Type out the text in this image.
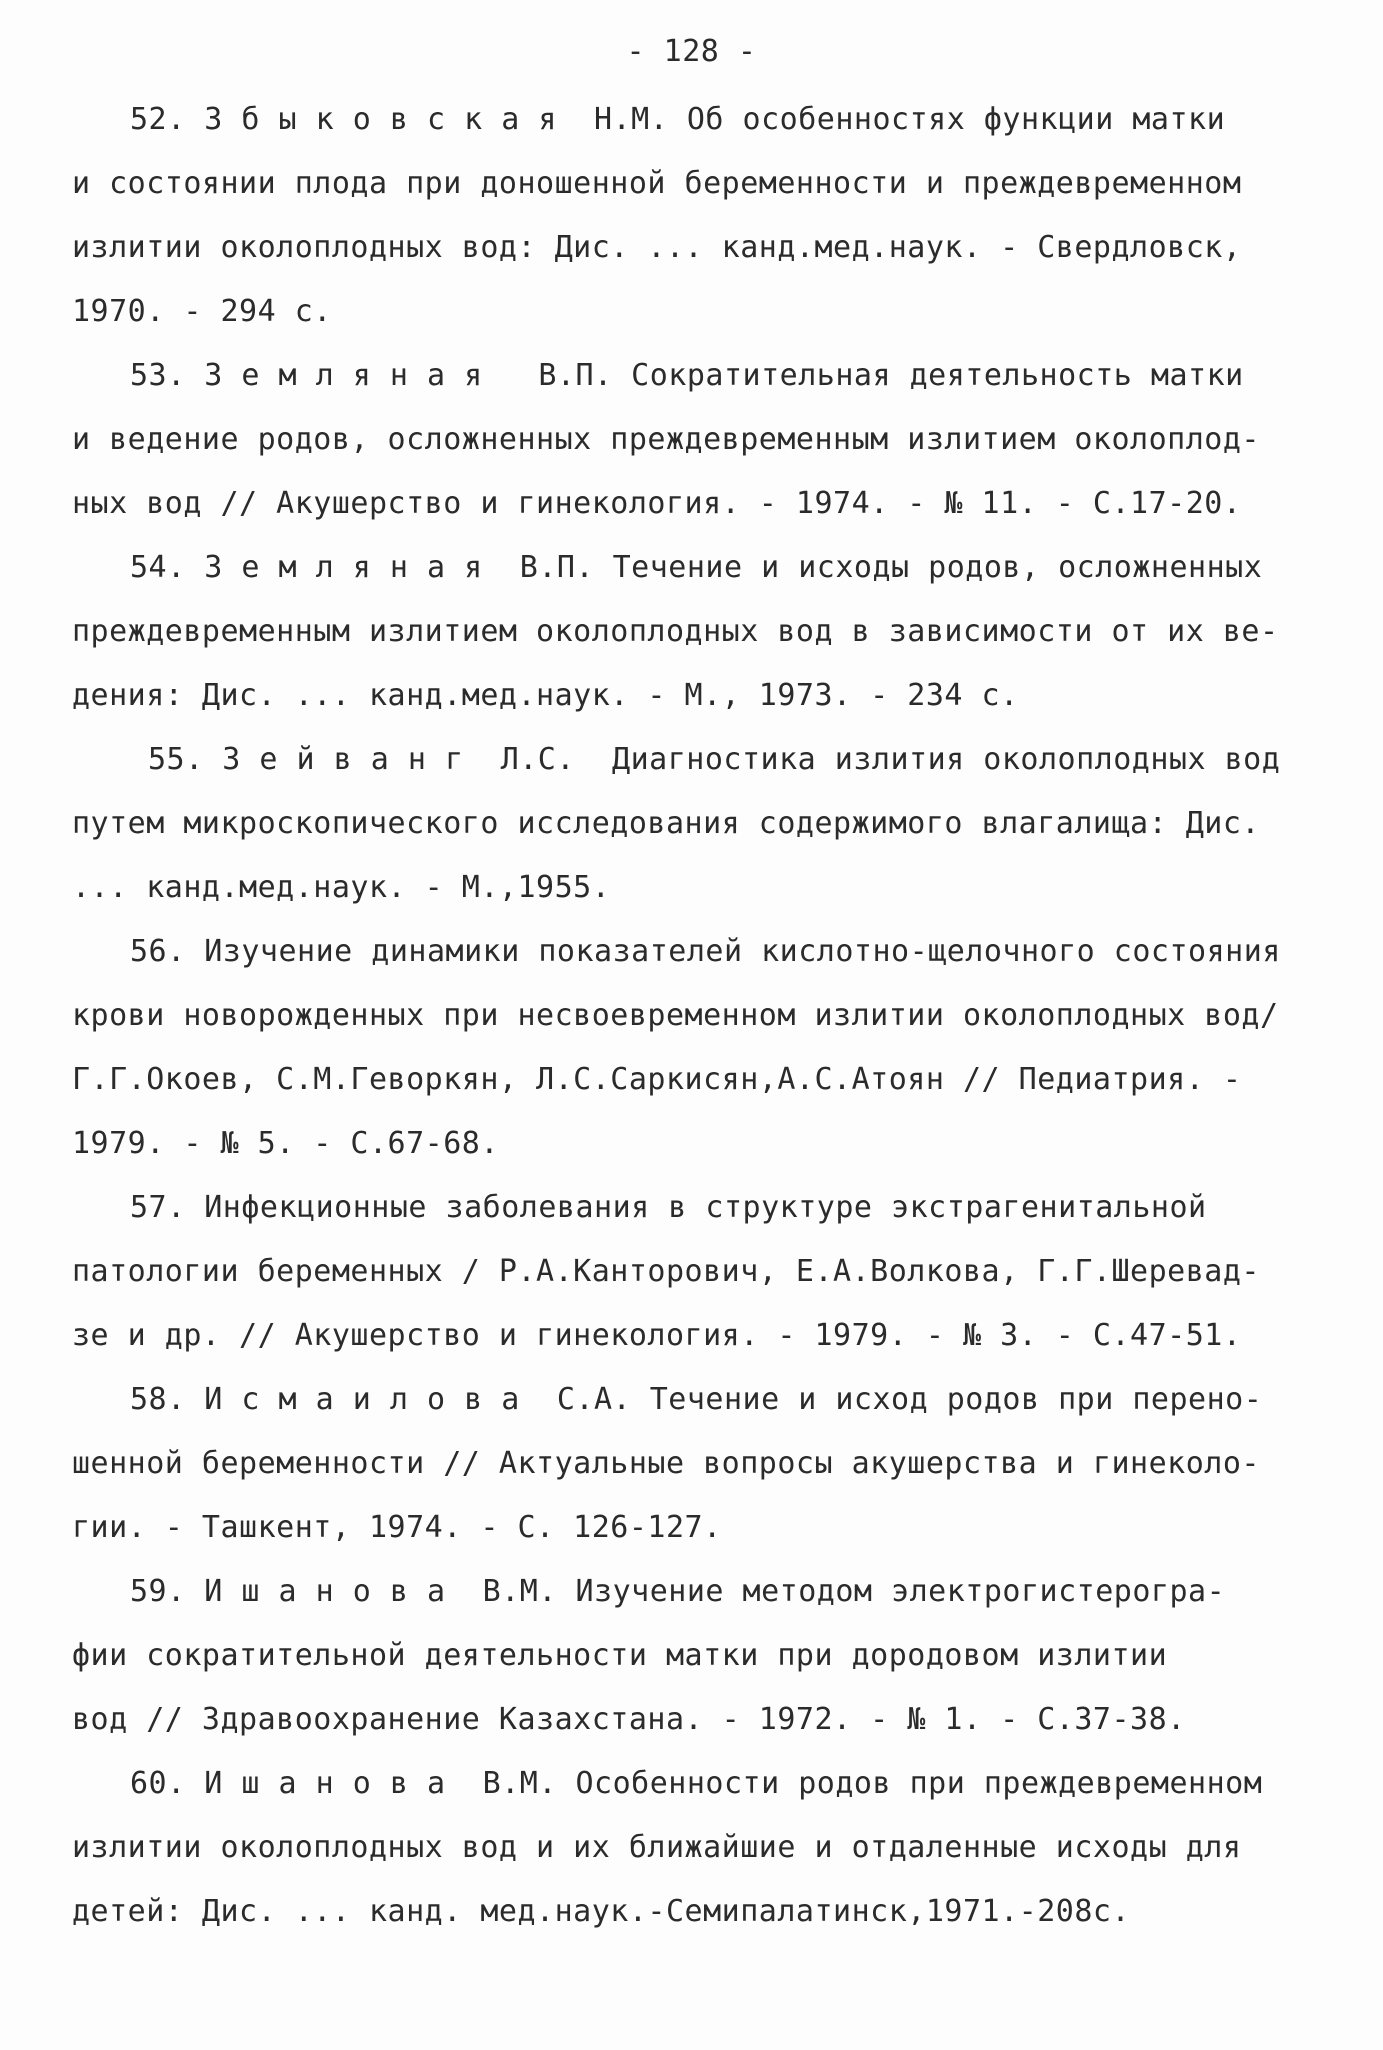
- 128 -
52. З б ы к о в с к а я  Н.М. Об особенностях функции матки
и состоянии плода при доношенной беременности и преждевременном
излитии околоплодных вод: Дис. ... канд.мед.наук. - Свердловск,
1970. - 294 с.
53. З е м л я н а я   В.П. Сократительная деятельность матки
и ведение родов, осложненных преждевременным излитием околоплод-
ных вод // Акушерство и гинекология. - 1974. - № 11. - С.17-20.
54. З е м л я н а я  В.П. Течение и исходы родов, осложненных
преждевременным излитием околоплодных вод в зависимости от их ве-
дения: Дис. ... канд.мед.наук. - М., 1973. - 234 с.
55. З е й в а н г  Л.С.  Диагностика излития околоплодных вод
путем микроскопического исследования содержимого влагалища: Дис.
... канд.мед.наук. - М.,1955.
56. Изучение динамики показателей кислотно-щелочного состояния
крови новорожденных при несвоевременном излитии околоплодных вод/
Г.Г.Окоев, С.М.Геворкян, Л.С.Саркисян,А.С.Атоян // Педиатрия. -
1979. - № 5. - С.67-68.
57. Инфекционные заболевания в структуре экстрагенитальной
патологии беременных / Р.А.Канторович, Е.А.Волкова, Г.Г.Шеревад-
зе и др. // Акушерство и гинекология. - 1979. - № 3. - С.47-51.
58. И с м а и л о в а  С.А. Течение и исход родов при перено-
шенной беременности // Актуальные вопросы акушерства и гинеколо-
гии. - Ташкент, 1974. - С. 126-127.
59. И ш а н о в а  В.М. Изучение методом электрогистерогра-
фии сократительной деятельности матки при дородовом излитии
вод // Здравоохранение Казахстана. - 1972. - № 1. - С.37-38.
60. И ш а н о в а  В.М. Особенности родов при преждевременном
излитии околоплодных вод и их ближайшие и отдаленные исходы для
детей: Дис. ... канд. мед.наук.-Семипалатинск,1971.-208с.
